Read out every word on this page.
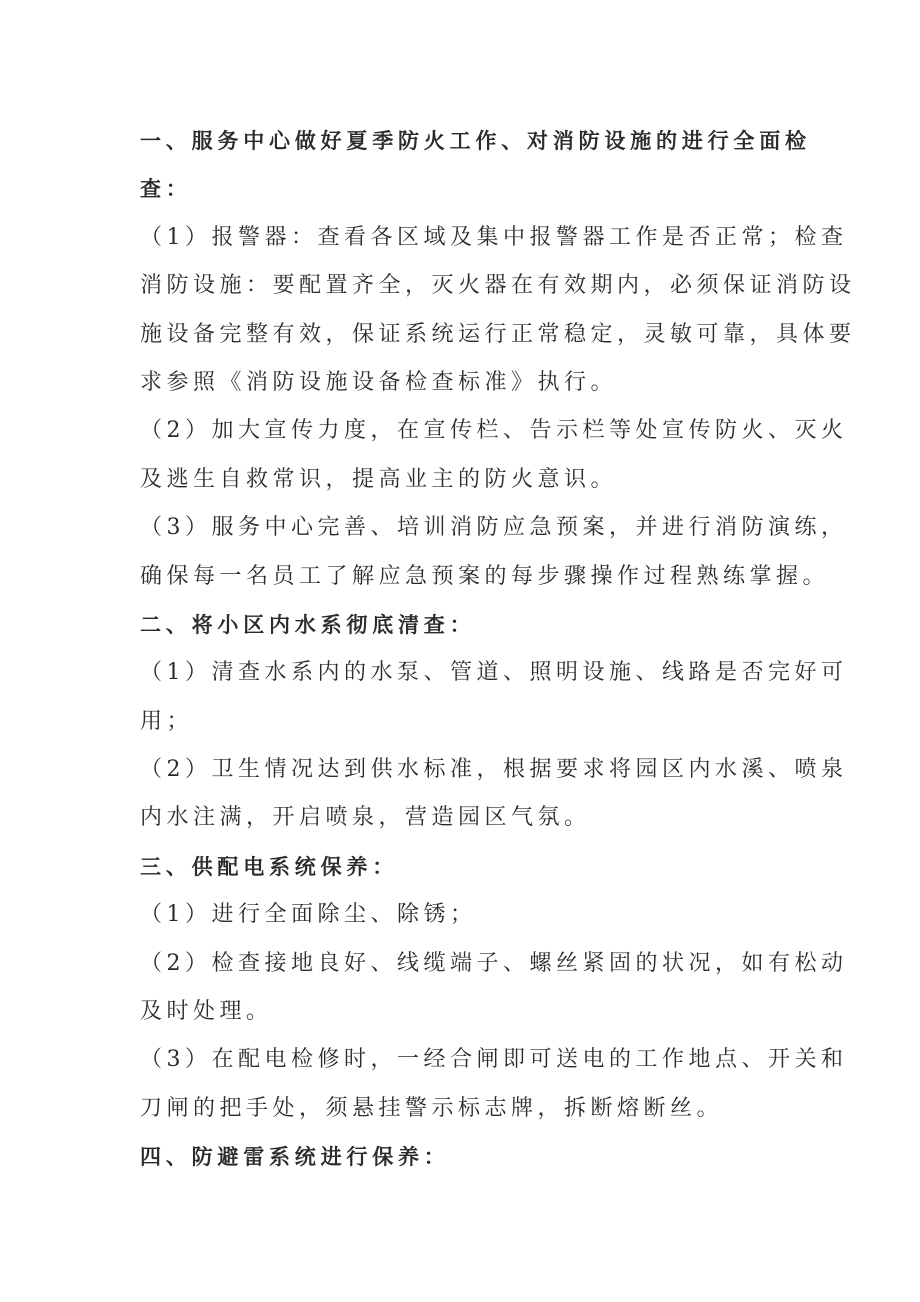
一、服务中心做好夏季防火工作、对消防设施的进行全面检
查：
（1）报警器：查看各区域及集中报警器工作是否正常；检查
消防设施：要配置齐全，灭火器在有效期内，必须保证消防设
施设备完整有效，保证系统运行正常稳定，灵敏可靠，具体要
求参照《消防设施设备检查标准》执行。
（2）加大宣传力度，在宣传栏、告示栏等处宣传防火、灭火
及逃生自救常识，提高业主的防火意识。
（3）服务中心完善、培训消防应急预案，并进行消防演练，
确保每一名员工了解应急预案的每步骤操作过程熟练掌握。
二、将小区内水系彻底清查：
（1）清查水系内的水泵、管道、照明设施、线路是否完好可
用；
（2）卫生情况达到供水标准，根据要求将园区内水溪、喷泉
内水注满，开启喷泉，营造园区气氛。
三、供配电系统保养：
（1）进行全面除尘、除锈；
（2）检查接地良好、线缆端子、螺丝紧固的状况，如有松动
及时处理。
（3）在配电检修时，一经合闸即可送电的工作地点、开关和
刀闸的把手处，须悬挂警示标志牌，拆断熔断丝。
四、防避雷系统进行保养：
